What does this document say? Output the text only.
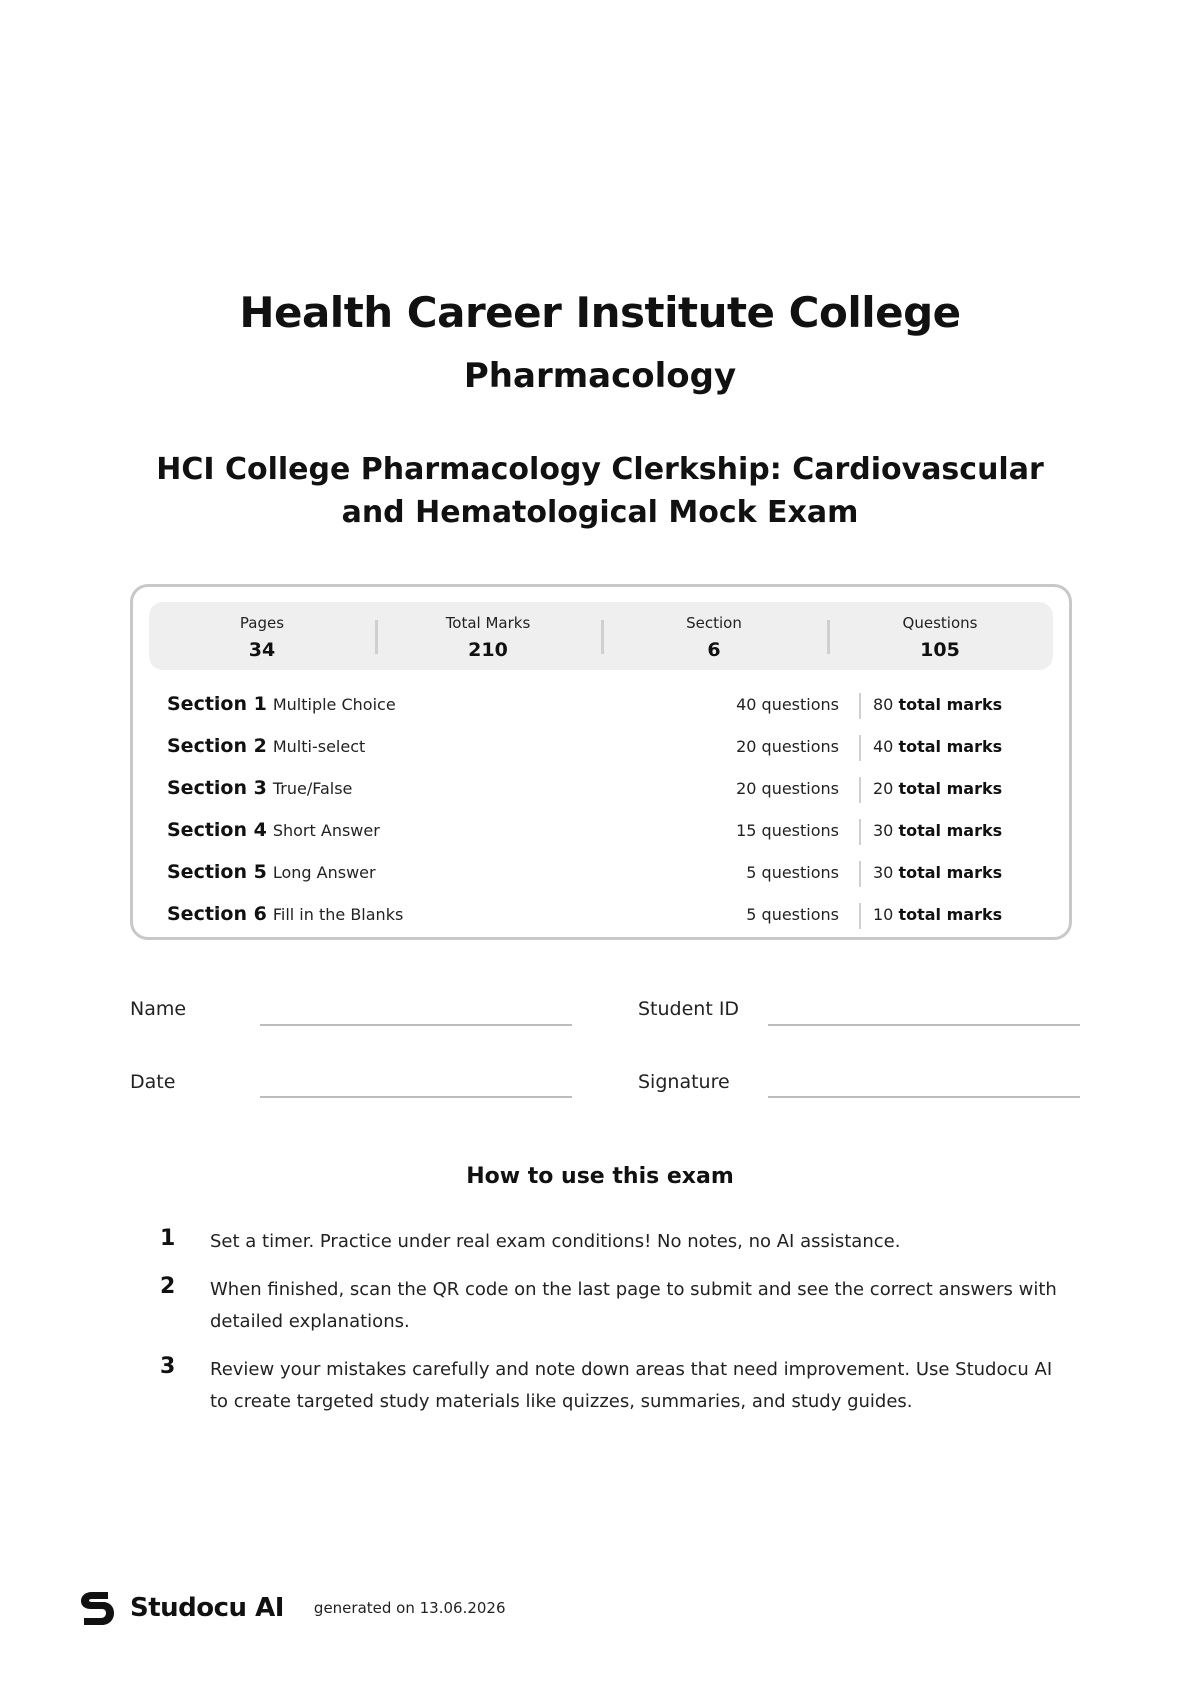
Health Career Institute College
Pharmacology
HCI College Pharmacology Clerkship: Cardiovascular and Hematological Mock Exam
Pages
34
Total Marks
210
Section
6
Questions
105
Section 1 Multiple Choice	40 questions 80 total marks
Section 2 Multi-select	20 questions 40 total marks
Section 3 True/False	20 questions 20 total marks
Section 4 Short Answer	15 questions 30 total marks
Section 5 Long Answer	5 questions 30 total marks
Section 6 Fill in the Blanks	5 questions 10 total marks
Name	Student ID
Date	Signature
How to use this exam
1 Set a timer. Practice under real exam conditions! No notes, no AI assistance.
2 When finished, scan the QR code on the last page to submit and see the correct answers with detailed explanations.
3 Review your mistakes carefully and note down areas that need improvement. Use Studocu AI to create targeted study materials like quizzes, summaries, and study guides.
Studocu AI generated on 13.06.2026
